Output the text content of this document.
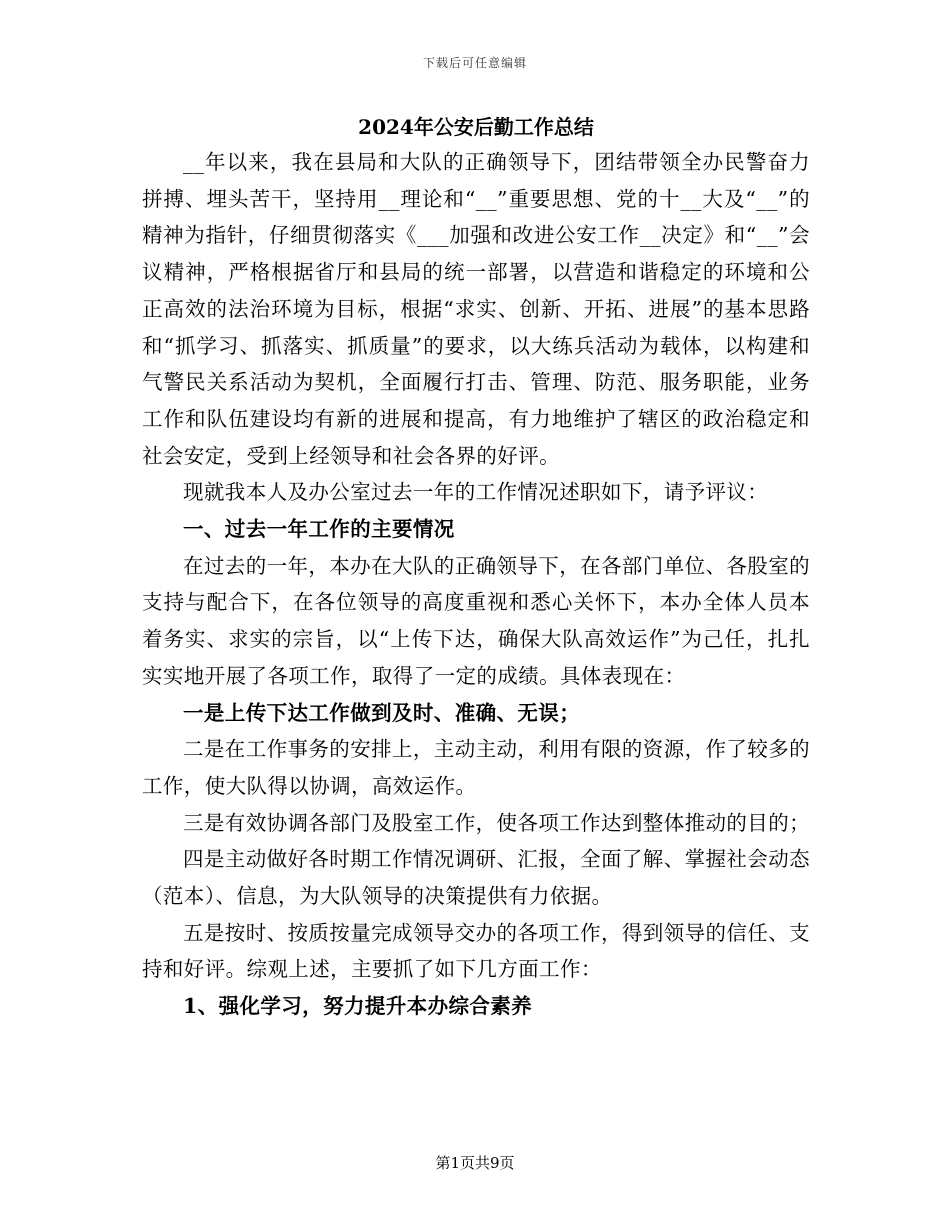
下载后可任意编辑
2024年公安后勤工作总结

__年以来，我在县局和大队的正确领导下，团结带领全办民警奋力拼搏、埋头苦干，坚持用__理论和“__”重要思想、党的十__大及“__”的精神为指针，仔细贯彻落实《___加强和改进公安工作__决定》和“__”会议精神，严格根据省厅和县局的统一部署，以营造和谐稳定的环境和公正高效的法治环境为目标，根据“求实、创新、开拓、进展”的基本思路和“抓学习、抓落实、抓质量”的要求，以大练兵活动为载体，以构建和气警民关系活动为契机，全面履行打击、管理、防范、服务职能，业务工作和队伍建设均有新的进展和提高，有力地维护了辖区的政治稳定和社会安定，受到上经领导和社会各界的好评。

现就我本人及办公室过去一年的工作情况述职如下，请予评议：

一、过去一年工作的主要情况

在过去的一年，本办在大队的正确领导下，在各部门单位、各股室的支持与配合下，在各位领导的高度重视和悉心关怀下，本办全体人员本着务实、求实的宗旨，以“上传下达，确保大队高效运作”为己任，扎扎实实地开展了各项工作，取得了一定的成绩。具体表现在：

一是上传下达工作做到及时、准确、无误；

二是在工作事务的安排上，主动主动，利用有限的资源，作了较多的工作，使大队得以协调，高效运作。

三是有效协调各部门及股室工作，使各项工作达到整体推动的目的；

四是主动做好各时期工作情况调研、汇报，全面了解、掌握社会动态（范本）、信息，为大队领导的决策提供有力依据。

五是按时、按质按量完成领导交办的各项工作，得到领导的信任、支持和好评。综观上述，主要抓了如下几方面工作：

1、强化学习，努力提升本办综合素养

第1页共9页
